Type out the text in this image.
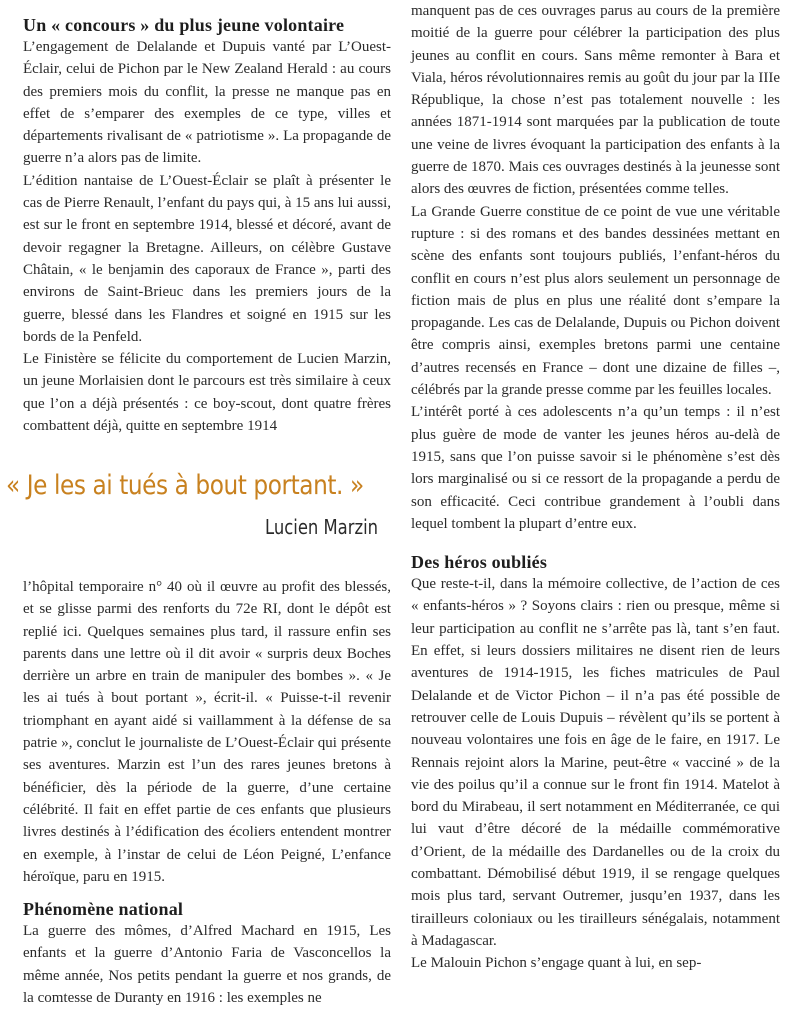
Un « concours » du plus jeune volontaire

L’engagement de Delalande et Dupuis vanté par L’Ouest-Éclair, celui de Pichon par le New Zealand Herald : au cours des premiers mois du conflit, la presse ne manque pas en effet de s’emparer des exemples de ce type, villes et départements rivalisant de « patriotisme ». La propagande de guerre n’a alors pas de limite.

L’édition nantaise de L’Ouest-Éclair se plaît à présenter le cas de Pierre Renault, l’enfant du pays qui, à 15 ans lui aussi, est sur le front en septembre 1914, blessé et décoré, avant de devoir regagner la Bretagne. Ailleurs, on célèbre Gustave Châtain, « le benjamin des caporaux de France », parti des environs de Saint-Brieuc dans les premiers jours de la guerre, blessé dans les Flandres et soigné en 1915 sur les bords de la Penfeld.

Le Finistère se félicite du comportement de Lucien Marzin, un jeune Morlaisien dont le parcours est très similaire à ceux que l’on a déjà présentés : ce boy-scout, dont quatre frères combattent déjà, quitte en septembre 1914

« Je les ai tués à bout portant. »
Lucien Marzin

l’hôpital temporaire n° 40 où il œuvre au profit des blessés, et se glisse parmi des renforts du 72e RI, dont le dépôt est replié ici. Quelques semaines plus tard, il rassure enfin ses parents dans une lettre où il dit avoir « surpris deux Boches derrière un arbre en train de manipuler des bombes ». « Je les ai tués à bout portant », écrit-il. « Puisse-t-il revenir triomphant en ayant aidé si vaillamment à la défense de sa patrie », conclut le journaliste de L’Ouest-Éclair qui présente ses aventures. Marzin est l’un des rares jeunes bretons à bénéficier, dès la période de la guerre, d’une certaine célébrité. Il fait en effet partie de ces enfants que plusieurs livres destinés à l’édification des écoliers entendent montrer en exemple, à l’instar de celui de Léon Peigné, L’enfance héroïque, paru en 1915.

Phénomène national

La guerre des mômes, d’Alfred Machard en 1915, Les enfants et la guerre d’Antonio Faria de Vasconcellos la même année, Nos petits pendant la guerre et nos grands, de la comtesse de Duranty en 1916 : les exemples ne

manquent pas de ces ouvrages parus au cours de la première moitié de la guerre pour célébrer la participation des plus jeunes au conflit en cours. Sans même remonter à Bara et Viala, héros révolutionnaires remis au goût du jour par la IIIe République, la chose n’est pas totalement nouvelle : les années 1871-1914 sont marquées par la publication de toute une veine de livres évoquant la participation des enfants à la guerre de 1870. Mais ces ouvrages destinés à la jeunesse sont alors des œuvres de fiction, présentées comme telles.

La Grande Guerre constitue de ce point de vue une véritable rupture : si des romans et des bandes dessinées mettant en scène des enfants sont toujours publiés, l’enfant-héros du conflit en cours n’est plus alors seulement un personnage de fiction mais de plus en plus une réalité dont s’empare la propagande. Les cas de Delalande, Dupuis ou Pichon doivent être compris ainsi, exemples bretons parmi une centaine d’autres recensés en France – dont une dizaine de filles –, célébrés par la grande presse comme par les feuilles locales.

L’intérêt porté à ces adolescents n’a qu’un temps : il n’est plus guère de mode de vanter les jeunes héros au-delà de 1915, sans que l’on puisse savoir si le phénomène s’est dès lors marginalisé ou si ce ressort de la propagande a perdu de son efficacité. Ceci contribue grandement à l’oubli dans lequel tombent la plupart d’entre eux.

Des héros oubliés

Que reste-t-il, dans la mémoire collective, de l’action de ces « enfants-héros » ? Soyons clairs : rien ou presque, même si leur participation au conflit ne s’arrête pas là, tant s’en faut. En effet, si leurs dossiers militaires ne disent rien de leurs aventures de 1914-1915, les fiches matricules de Paul Delalande et de Victor Pichon – il n’a pas été possible de retrouver celle de Louis Dupuis – révèlent qu’ils se portent à nouveau volontaires une fois en âge de le faire, en 1917. Le Rennais rejoint alors la Marine, peut-être « vacciné » de la vie des poilus qu’il a connue sur le front fin 1914. Matelot à bord du Mirabeau, il sert notamment en Méditerranée, ce qui lui vaut d’être décoré de la médaille commémorative d’Orient, de la médaille des Dardanelles ou de la croix du combattant. Démobilisé début 1919, il se rengage quelques mois plus tard, servant Outremer, jusqu’en 1937, dans les tirailleurs coloniaux ou les tirailleurs sénégalais, notamment à Madagascar.

Le Malouin Pichon s’engage quant à lui, en sep-
